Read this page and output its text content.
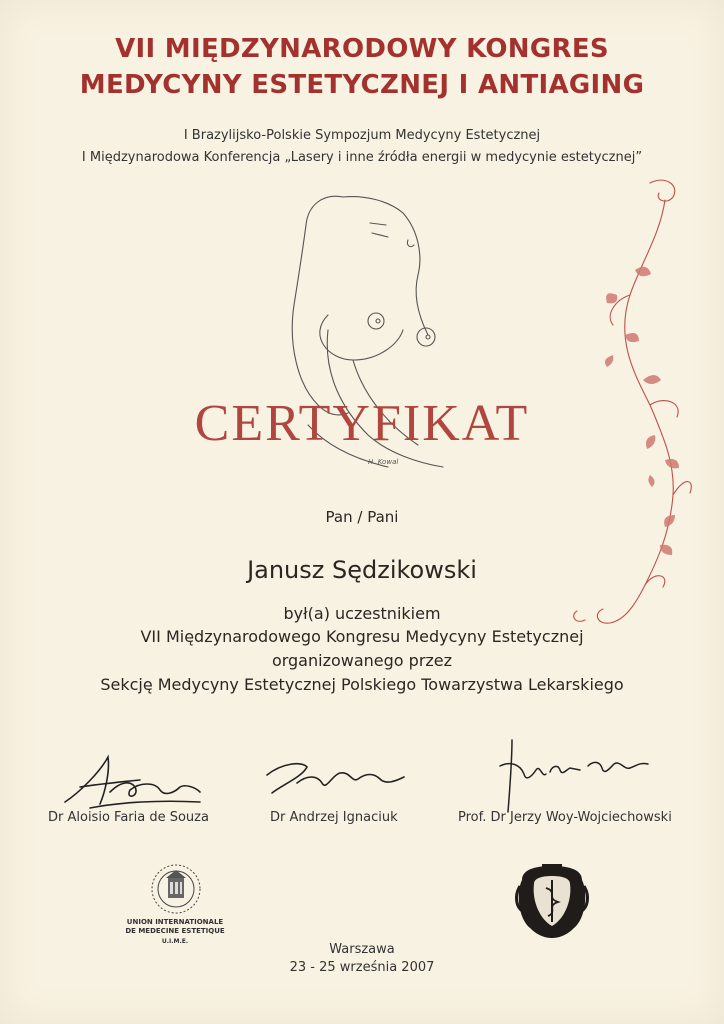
VII MIĘDZYNARODOWY KONGRES
MEDYCYNY ESTETYCZNEJ I ANTIAGING
I Brazylijsko-Polskie Sympozjum Medycyny Estetycznej
I Międzynarodowa Konferencja „Lasery i inne źródła energii w medycynie estetycznej”
H. Kowal
CERTYFIKAT
Pan / Pani
Janusz Sędzikowski
był(a) uczestnikiem
VII Międzynarodowego Kongresu Medycyny Estetycznej
organizowanego przez
Sekcję Medycyny Estetycznej Polskiego Towarzystwa Lekarskiego
Dr Aloisio Faria de Souza	Dr Andrzej Ignaciuk	Prof. Dr Jerzy Woy-Wojciechowski
UNION INTERNATIONALE
DE MEDECINE ESTETIQUE
U.I.M.E.
Warszawa
23 - 25 września 2007
